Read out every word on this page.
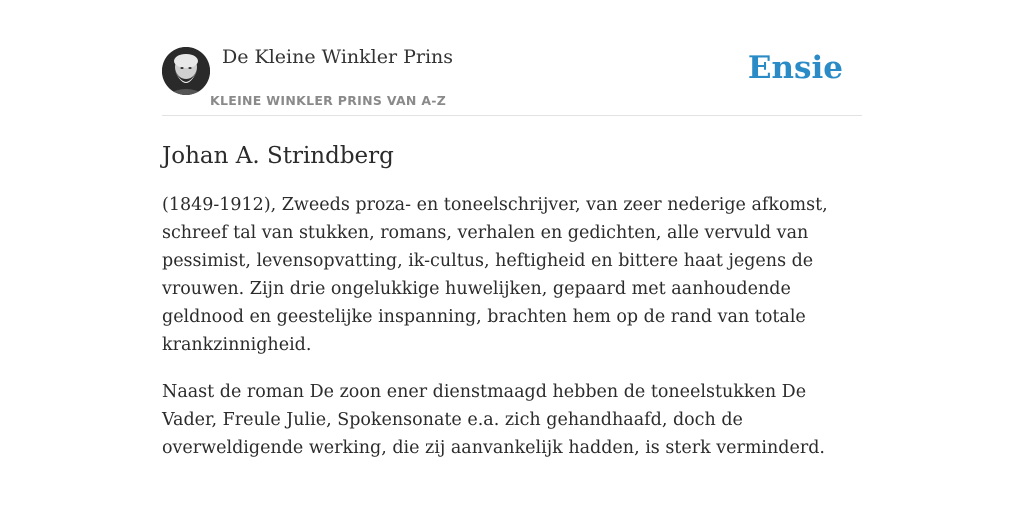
De Kleine Winkler Prins
KLEINE WINKLER PRINS VAN A-Z
Ensie
Johan A. Strindberg

(1849-1912), Zweeds proza- en toneelschrijver, van zeer nederige afkomst, schreef tal van stukken, romans, verhalen en gedichten, alle vervuld van pessimist, levensopvatting, ik-cultus, heftigheid en bittere haat jegens de vrouwen. Zijn drie ongelukkige huwelijken, gepaard met aanhoudende geldnood en geestelijke inspanning, brachten hem op de rand van totale krankzinnigheid.

Naast de roman De zoon ener dienstmaagd hebben de toneelstukken De Vader, Freule Julie, Spokensonate e.a. zich gehandhaafd, doch de overweldigende werking, die zij aanvankelijk hadden, is sterk verminderd.
